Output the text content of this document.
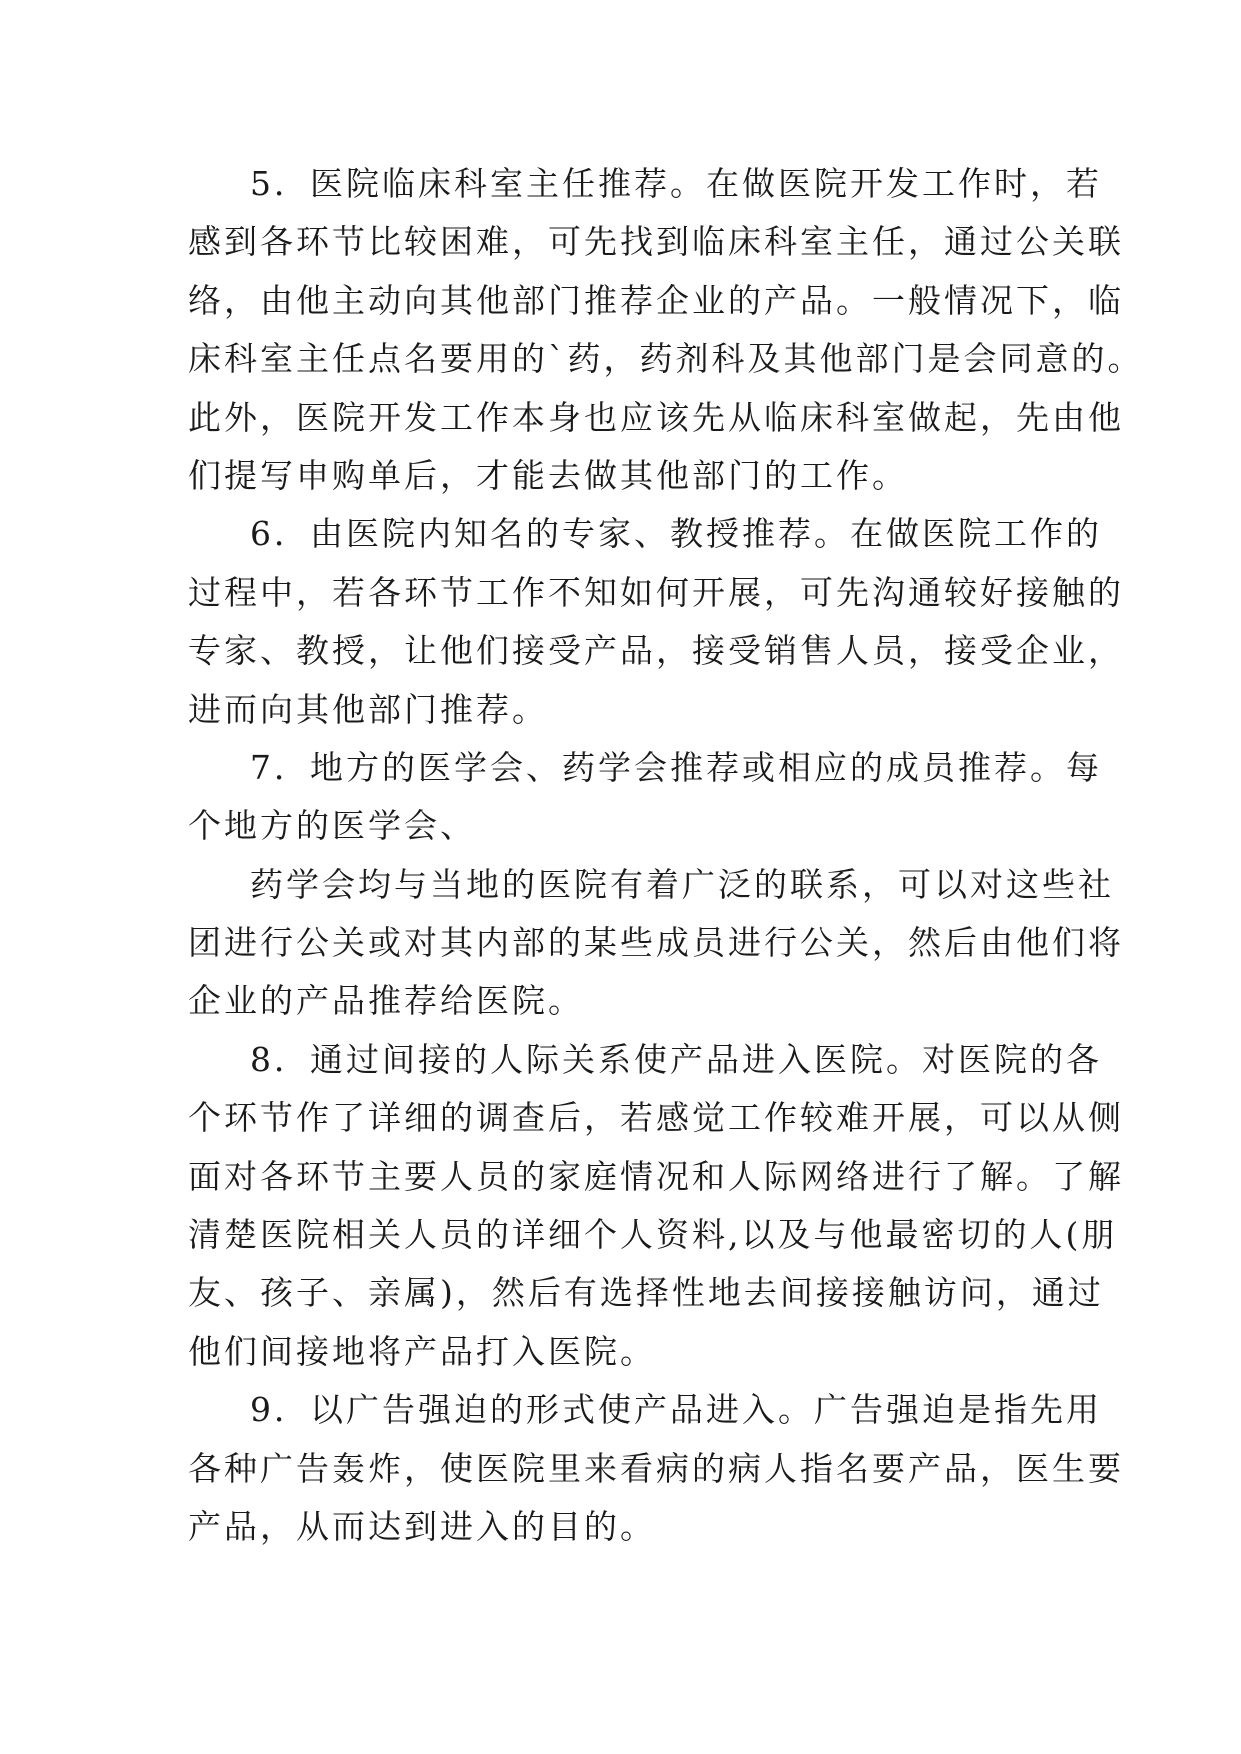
5．医院临床科室主任推荐。在做医院开发工作时，若
感到各环节比较困难，可先找到临床科室主任，通过公关联
络，由他主动向其他部门推荐企业的产品。一般情况下，临
床科室主任点名要用的`药，药剂科及其他部门是会同意的。
此外，医院开发工作本身也应该先从临床科室做起，先由他
们提写申购单后，才能去做其他部门的工作。
6．由医院内知名的专家、教授推荐。在做医院工作的
过程中，若各环节工作不知如何开展，可先沟通较好接触的
专家、教授，让他们接受产品，接受销售人员，接受企业，
进而向其他部门推荐。
7．地方的医学会、药学会推荐或相应的成员推荐。每
个地方的医学会、
药学会均与当地的医院有着广泛的联系，可以对这些社
团进行公关或对其内部的某些成员进行公关，然后由他们将
企业的产品推荐给医院。
8．通过间接的人际关系使产品进入医院。对医院的各
个环节作了详细的调查后，若感觉工作较难开展，可以从侧
面对各环节主要人员的家庭情况和人际网络进行了解。了解
清楚医院相关人员的详细个人资料,以及与他最密切的人(朋
友、孩子、亲属)，然后有选择性地去间接接触访问，通过
他们间接地将产品打入医院。
9．以广告强迫的形式使产品进入。广告强迫是指先用
各种广告轰炸，使医院里来看病的病人指名要产品，医生要
产品，从而达到进入的目的。
